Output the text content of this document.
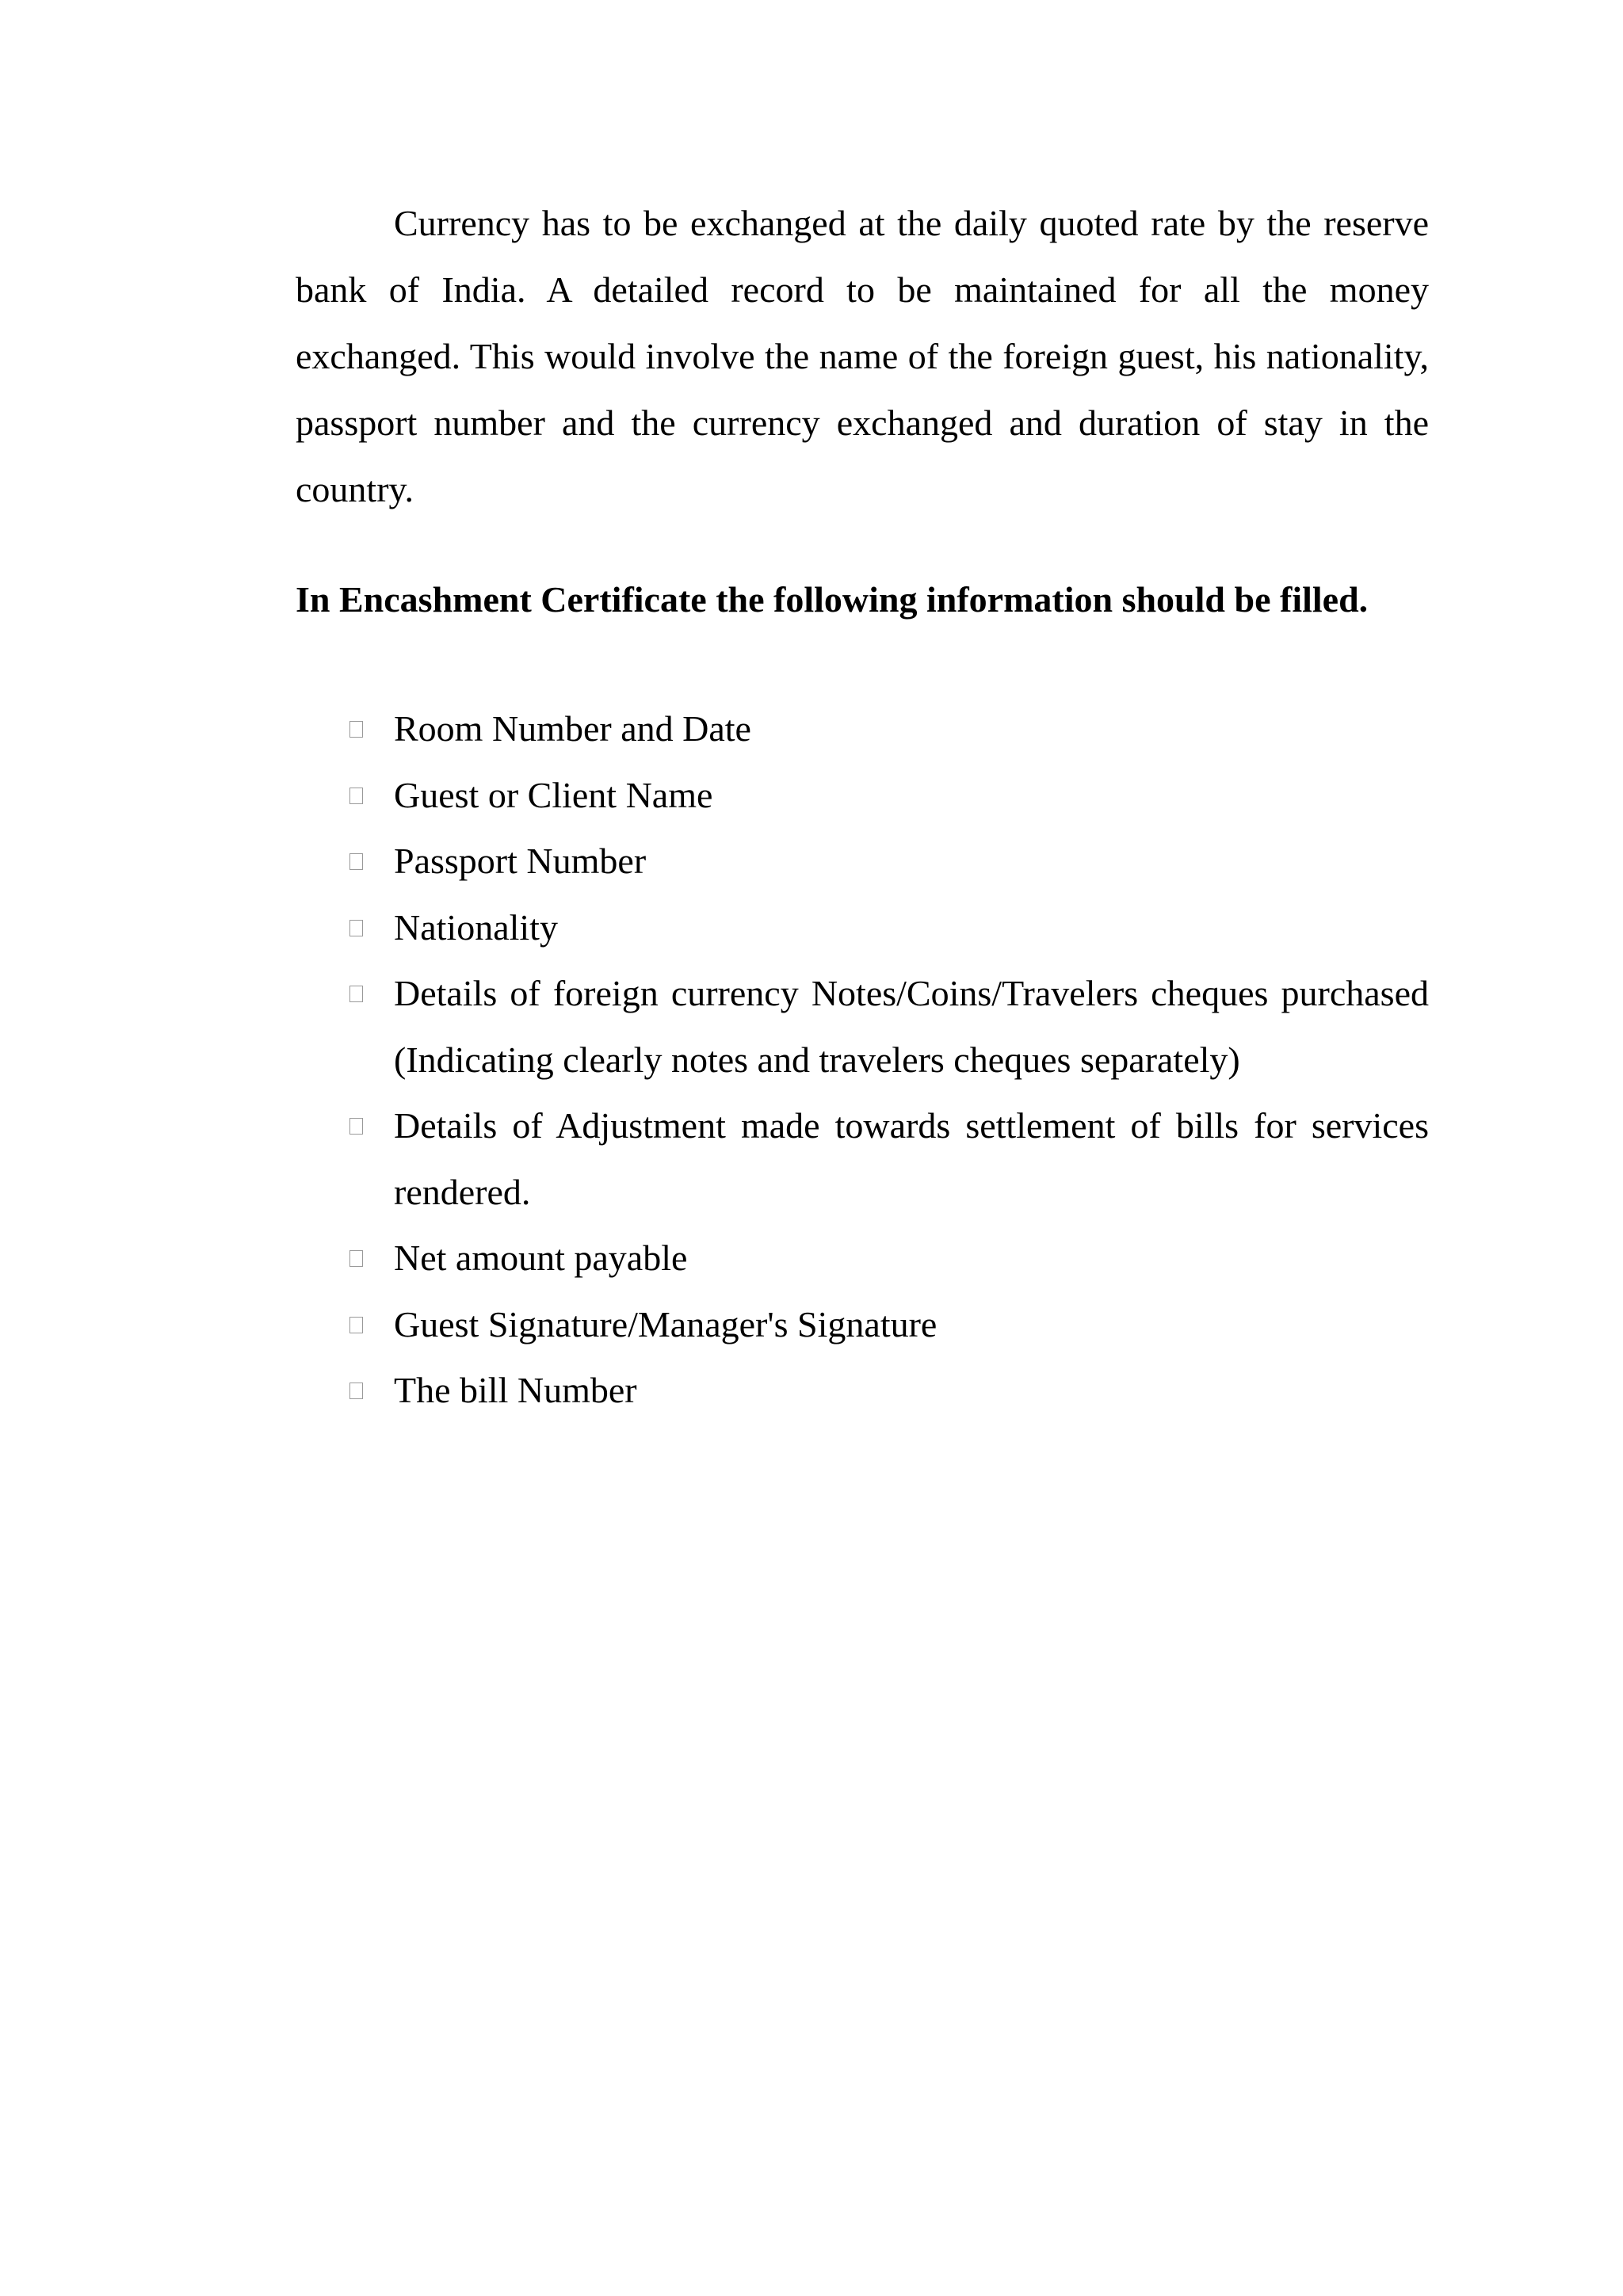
Currency has to be exchanged at the daily quoted rate by the reserve bank of India. A detailed record to be maintained for all the money exchanged. This would involve the name of the foreign guest, his nationality, passport number and the currency exchanged and duration of stay in the country.

In Encashment Certificate the following information should be filled.

Room Number and Date
Guest or Client Name
Passport Number
Nationality
Details of foreign currency Notes/Coins/Travelers cheques purchased (Indicating clearly notes and travelers cheques separately)
Details of Adjustment made towards settlement of bills for services rendered.
Net amount payable
Guest Signature/Manager's Signature
The bill Number
